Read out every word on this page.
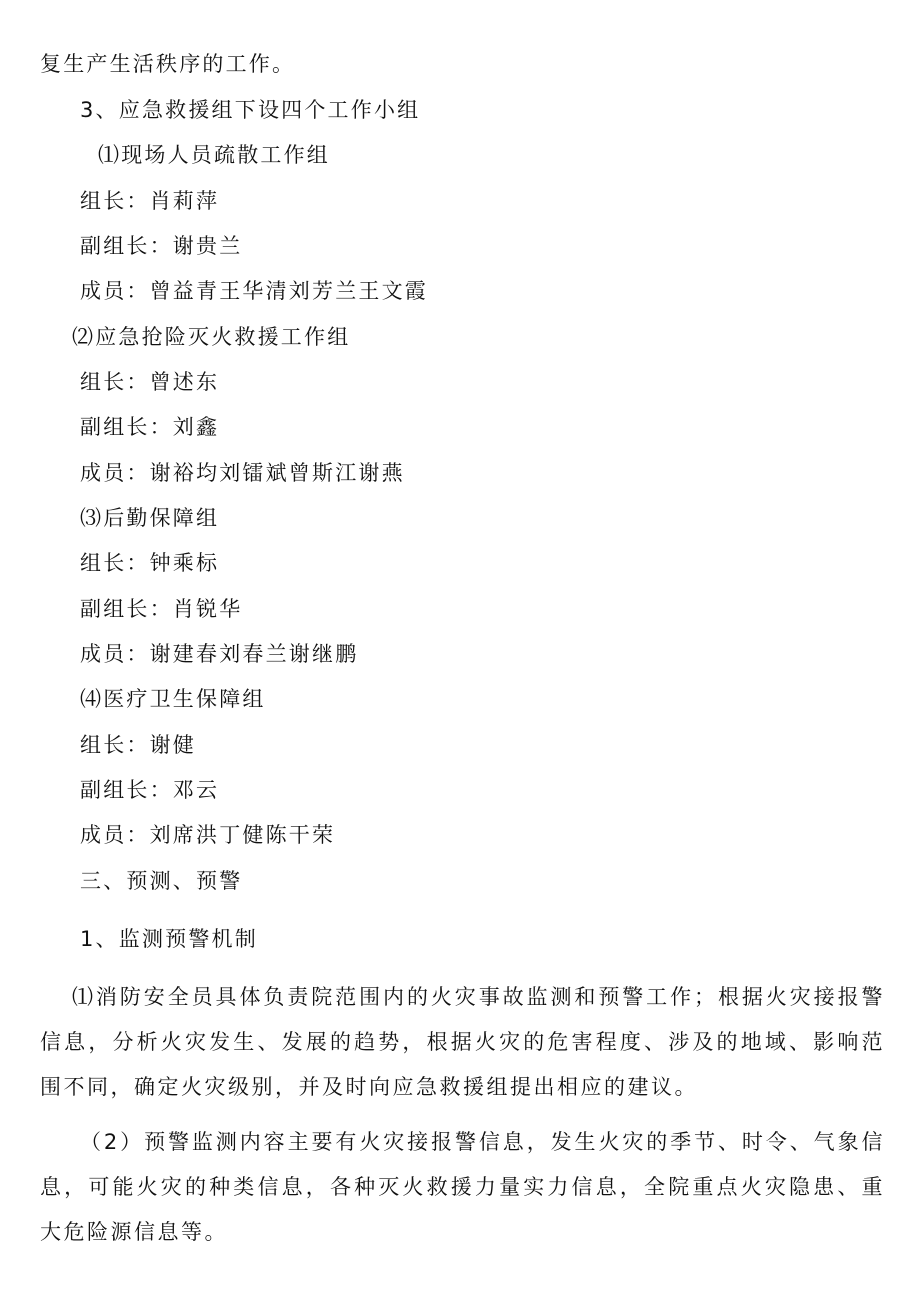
复生产生活秩序的工作。
3、应急救援组下设四个工作小组
⑴现场人员疏散工作组
组长：肖莉萍
副组长：谢贵兰
成员：曾益青王华清刘芳兰王文霞
⑵应急抢险灭火救援工作组
组长：曾述东
副组长：刘鑫
成员：谢裕均刘镭斌曾斯江谢燕
⑶后勤保障组
组长：钟乘标
副组长：肖锐华
成员：谢建春刘春兰谢继鹏
⑷医疗卫生保障组
组长：谢健
副组长：邓云
成员：刘席洪丁健陈干荣
三、预测、预警
1、监测预警机制
⑴消防安全员具体负责院范围内的火灾事故监测和预警工作；根据火灾接报警信息，分析火灾发生、发展的趋势，根据火灾的危害程度、涉及的地域、影响范围不同，确定火灾级别，并及时向应急救援组提出相应的建议。
（2）预警监测内容主要有火灾接报警信息，发生火灾的季节、时令、气象信息，可能火灾的种类信息，各种灭火救援力量实力信息，全院重点火灾隐患、重大危险源信息等。
